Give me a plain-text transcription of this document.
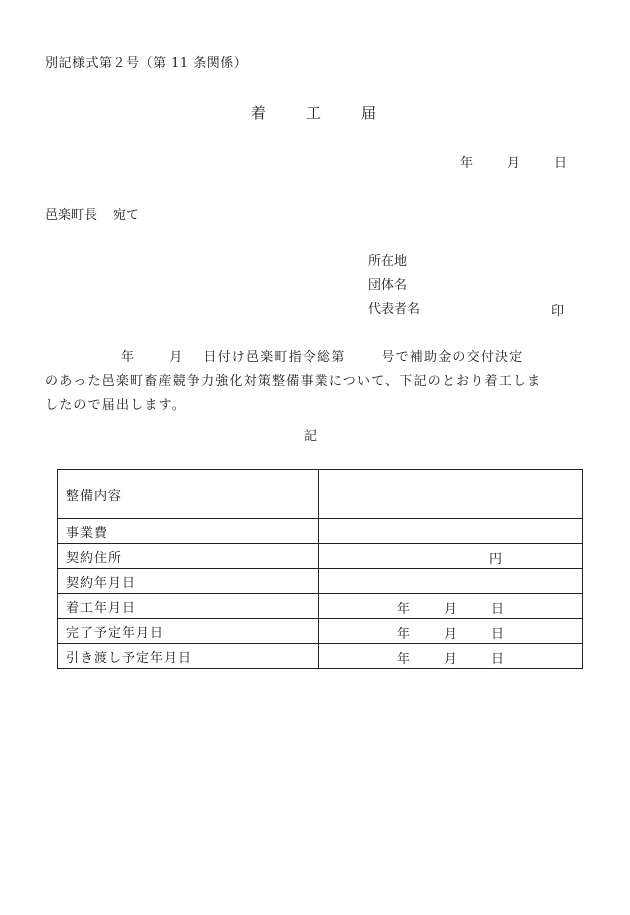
別記様式第２号（第 11 条関係）
着	工	届
年	月	日
邑楽町長 宛て
所在地
団体名
代表者名	印
年	月 日付け邑楽町指令総第	号で補助金の交付決定
のあった邑楽町畜産競争力強化対策整備事業について、下記のとおり着工しま
したので届出します。
記
整備内容	
事業費	
契約住所	円

契約年月日	
着工年月日	年 月 日

完了予定年月日	年 月 日

引き渡し予定年月日	年 月 日
